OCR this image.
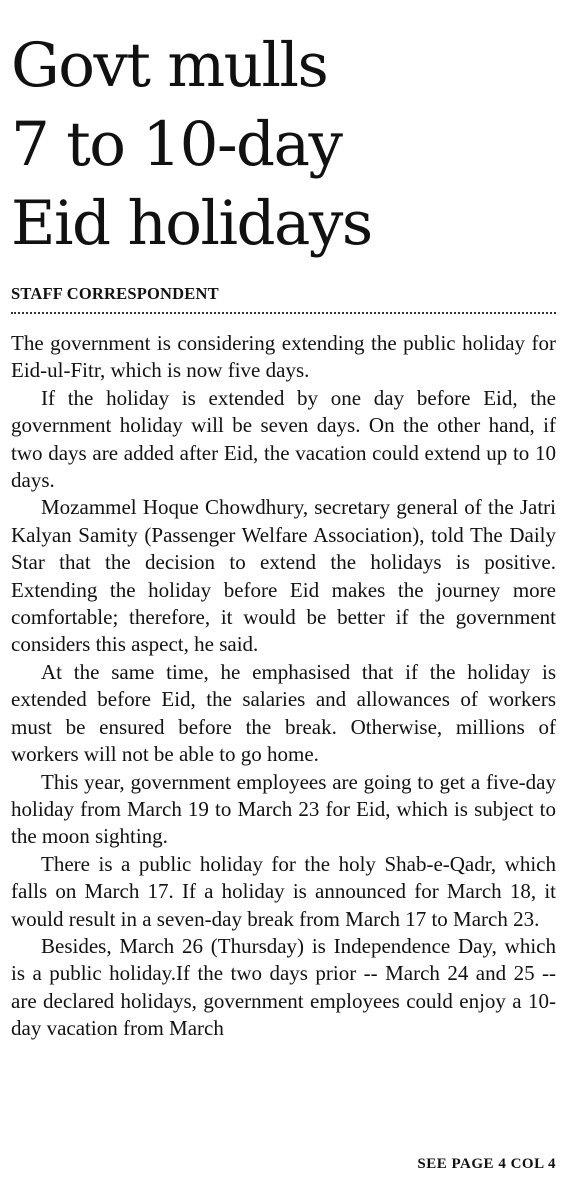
Govt mulls
7 to 10-day
Eid holidays
STAFF CORRESPONDENT

The government is considering extending the public holiday for Eid-ul-Fitr, which is now five days.

If the holiday is extended by one day before Eid, the government holiday will be seven days. On the other hand, if two days are added after Eid, the vacation could extend up to 10 days.

Mozammel Hoque Chowdhury, secretary general of the Jatri Kalyan Samity (Passenger Welfare Association), told The Daily Star that the decision to extend the holidays is positive. Extending the holiday before Eid makes the journey more comfortable; therefore, it would be better if the government considers this aspect, he said.

At the same time, he emphasised that if the holiday is extended before Eid, the salaries and allowances of workers must be ensured before the break. Otherwise, millions of workers will not be able to go home.

This year, government employees are going to get a five-day holiday from March 19 to March 23 for Eid, which is subject to the moon sighting.

There is a public holiday for the holy Shab-e-Qadr, which falls on March 17. If a holiday is announced for March 18, it would result in a seven-day break from March 17 to March 23.

Besides, March 26 (Thursday) is Independence Day, which is a public holiday.If the two days prior -- March 24 and 25 -- are declared holidays, government employees could enjoy a 10-day vacation from March

SEE PAGE 4 COL 4
